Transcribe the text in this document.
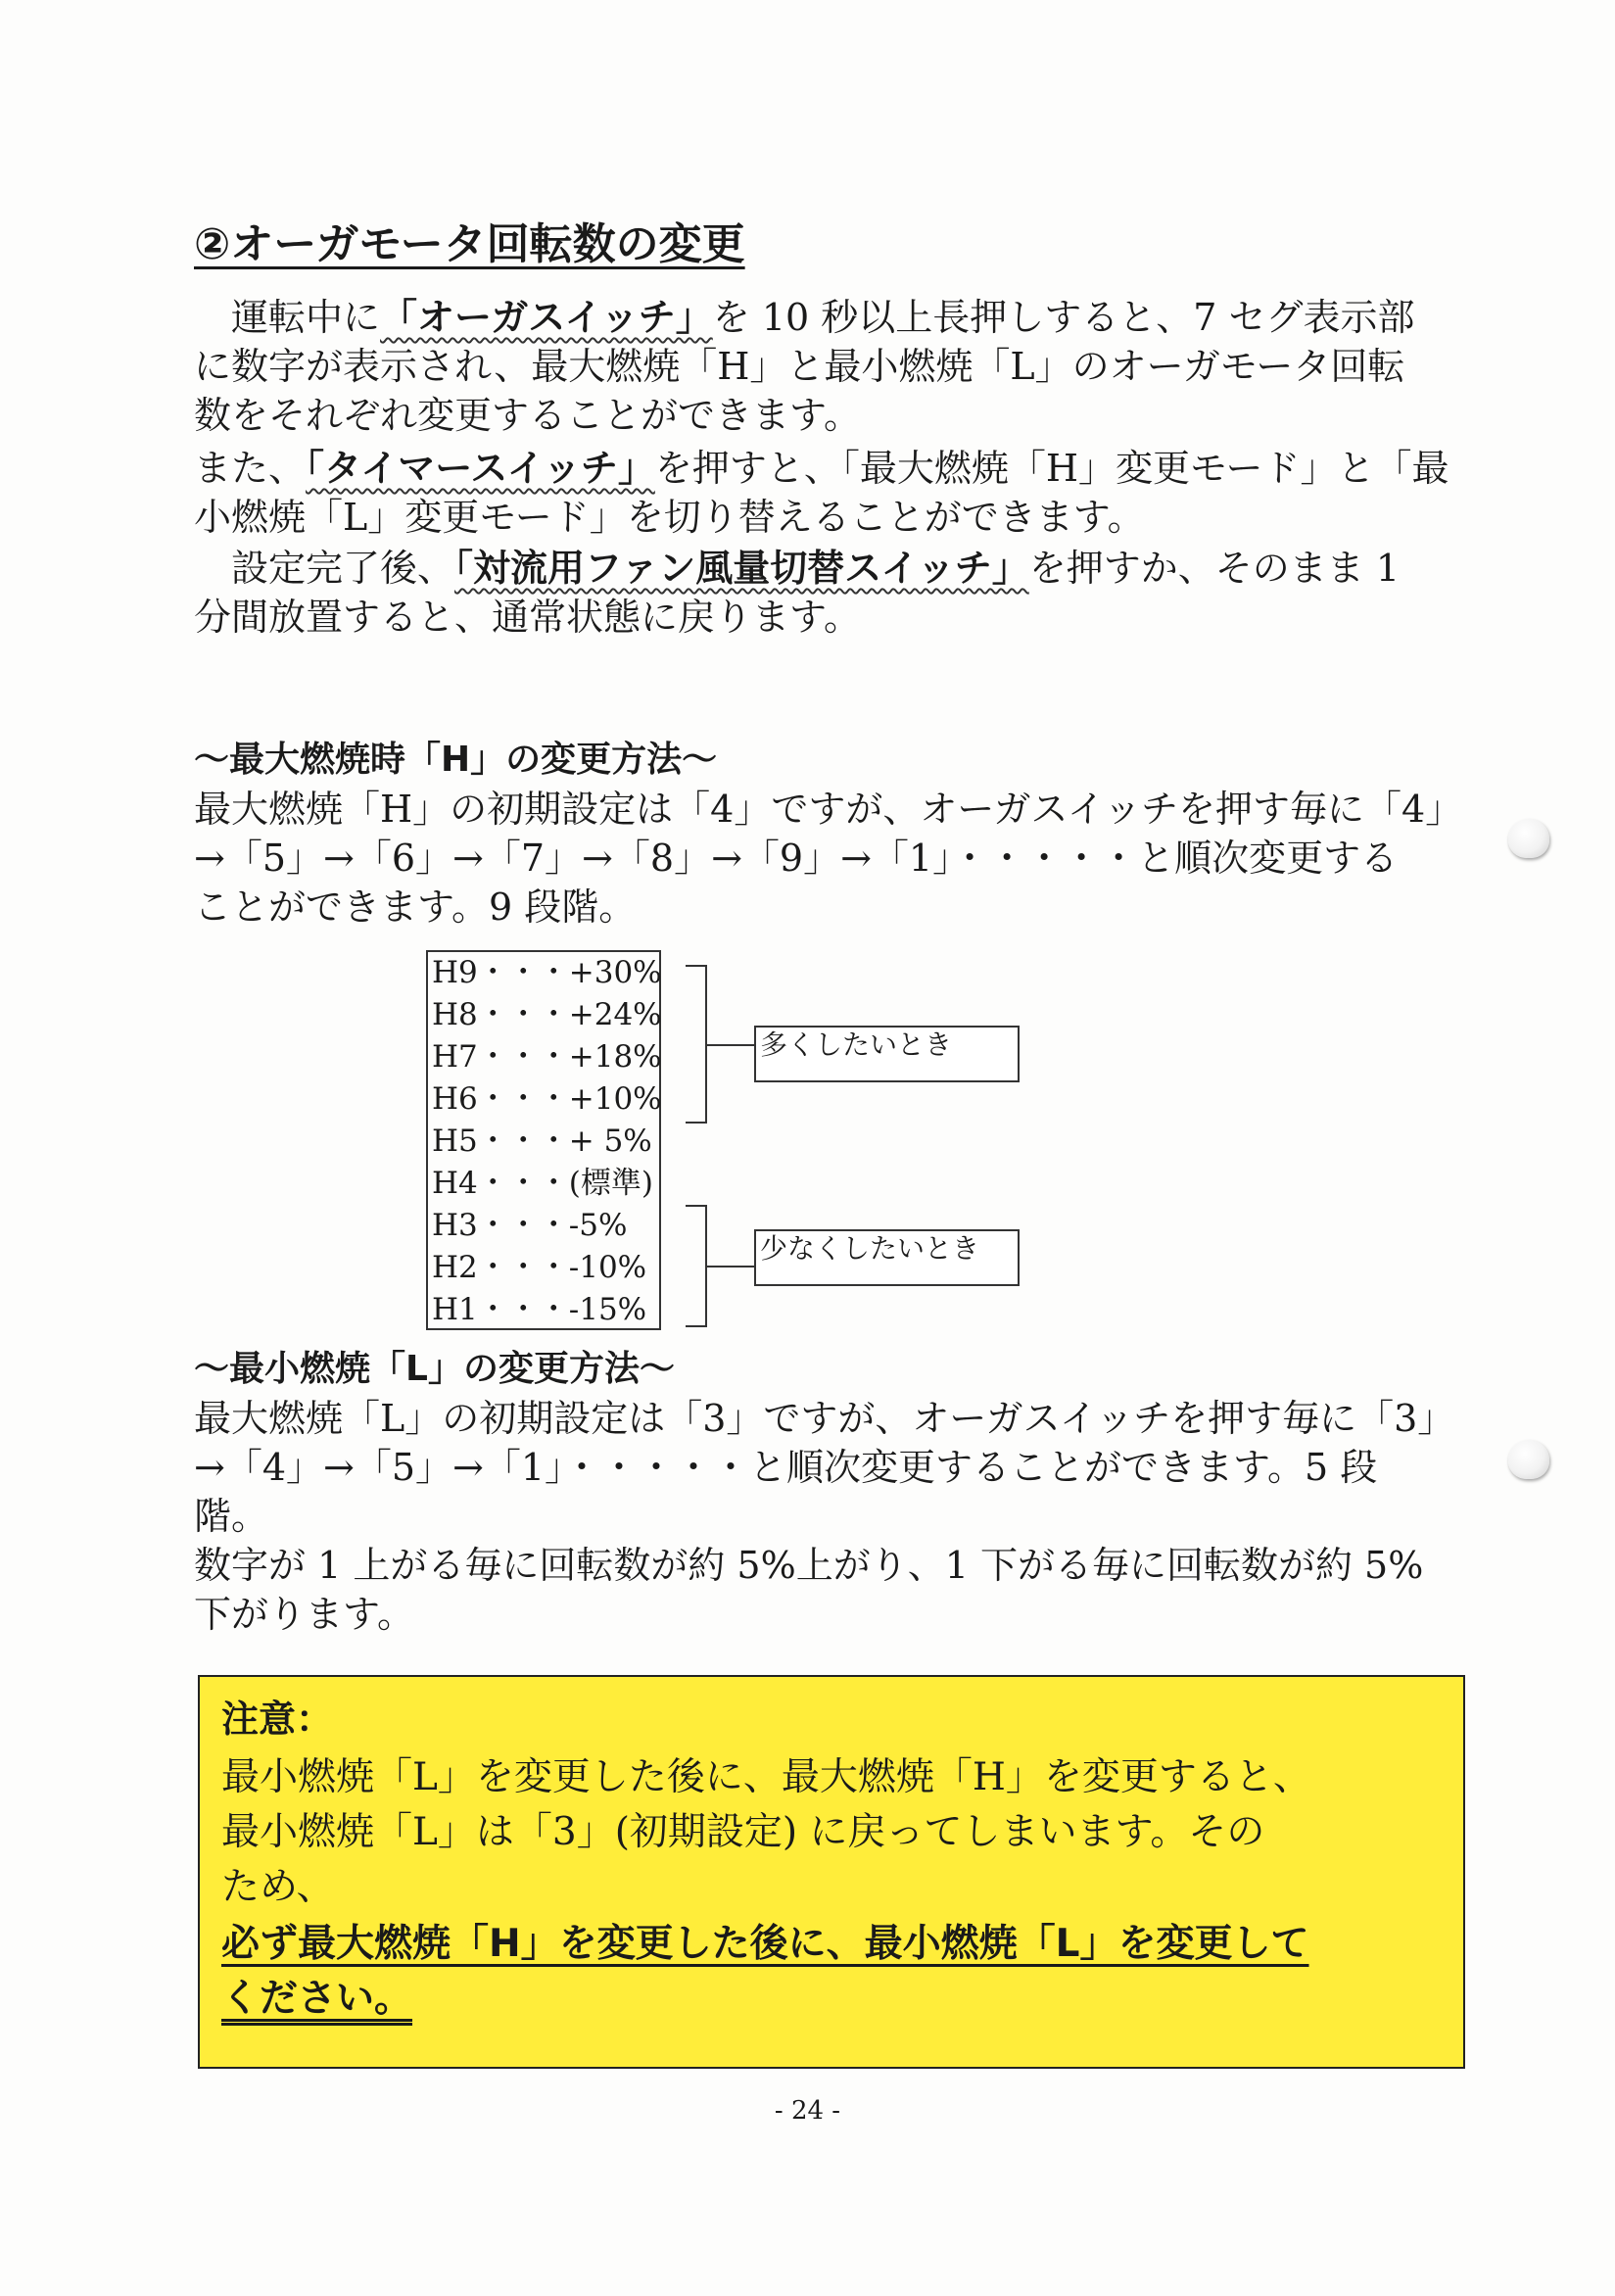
②オーガモータ回転数の変更
運転中に「オーガスイッチ」を 10 秒以上長押しすると、7 セグ表示部
に数字が表示され、最大燃焼「H」と最小燃焼「L」のオーガモータ回転
数をそれぞれ変更することができます。
また、「タイマースイッチ」を押すと、「最大燃焼「H」変更モード」と「最
小燃焼「L」変更モード」を切り替えることができます。
設定完了後、「対流用ファン風量切替スイッチ」を押すか、そのまま 1
分間放置すると、通常状態に戻ります。
～最大燃焼時「H」の変更方法～
最大燃焼「H」の初期設定は「4」ですが、オーガスイッチを押す毎に「4」
→「5」→「6」→「7」→「8」→「9」→「1」・・・・・と順次変更する
ことができます。9 段階。
H9・・・+30%
H8・・・+24%
H7・・・+18%
H6・・・+10%
H5・・・+ 5%
H4・・・(標準)
H3・・・-5%
H2・・・-10%
H1・・・-15%
多くしたいとき
少なくしたいとき
～最小燃焼「L」の変更方法～
最大燃焼「L」の初期設定は「3」ですが、オーガスイッチを押す毎に「3」
→「4」→「5」→「1」・・・・・と順次変更することができます。5 段
階。
数字が 1 上がる毎に回転数が約 5%上がり、1 下がる毎に回転数が約 5%
下がります。
注意：
最小燃焼「L」を変更した後に、最大燃焼「H」を変更すると、
最小燃焼「L」は「3」(初期設定) に戻ってしまいます。その
ため、
必ず最大燃焼「H」を変更した後に、最小燃焼「L」を変更して
ください。
- 24 -
